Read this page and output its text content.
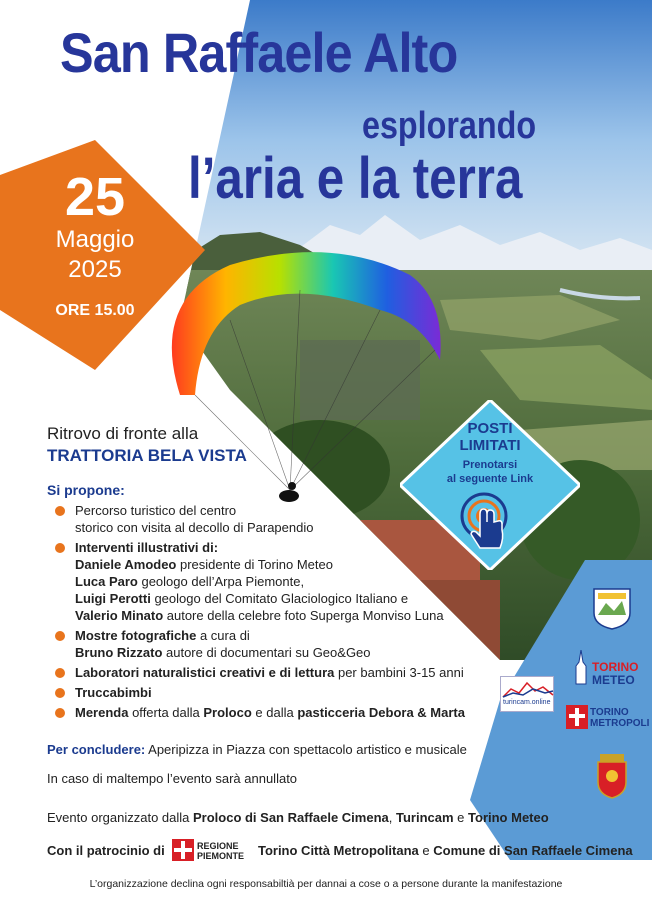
San Raffaele Alto
esplorando
l’aria e la terra
25
Maggio
2025
ORE 15.00
POSTI
LIMITATI
Prenotarsi
al seguente Link
Ritrovo di fronte alla
TRATTORIA BELA VISTA
Si propone:
Percorso turistico del centro
storico con visita al decollo di Parapendio
Interventi illustrativi di:
Daniele Amodeo presidente di Torino Meteo
Luca Paro geologo dell’Arpa Piemonte,
Luigi Perotti geologo del Comitato Glaciologico Italiano e
Valerio Minato autore della celebre foto Superga Monviso Luna
Mostre fotografiche a cura di
Bruno Rizzato autore di documentari su Geo&Geo
Laboratori naturalistici creativi e di lettura per bambini 3-15 anni
Truccabimbi
Merenda offerta dalla Proloco e dalla pasticceria Debora & Marta
Per concludere: Aperipizza in Piazza con spettacolo artistico e musicale
In caso di maltempo l’evento sarà annullato
Evento organizzato dalla Proloco di San Raffaele Cimena, Turincam e Torino Meteo
Con il patrocinio di	REGIONE
PIEMONTE Torino Città Metropolitana e Comune di San Raffaele Cimena
L’organizzazione declina ogni responsabiltià per dannai a cose o a persone durante la manifestazione
TORINO
METEO
turincam.online
TORINO
METROPOLI
